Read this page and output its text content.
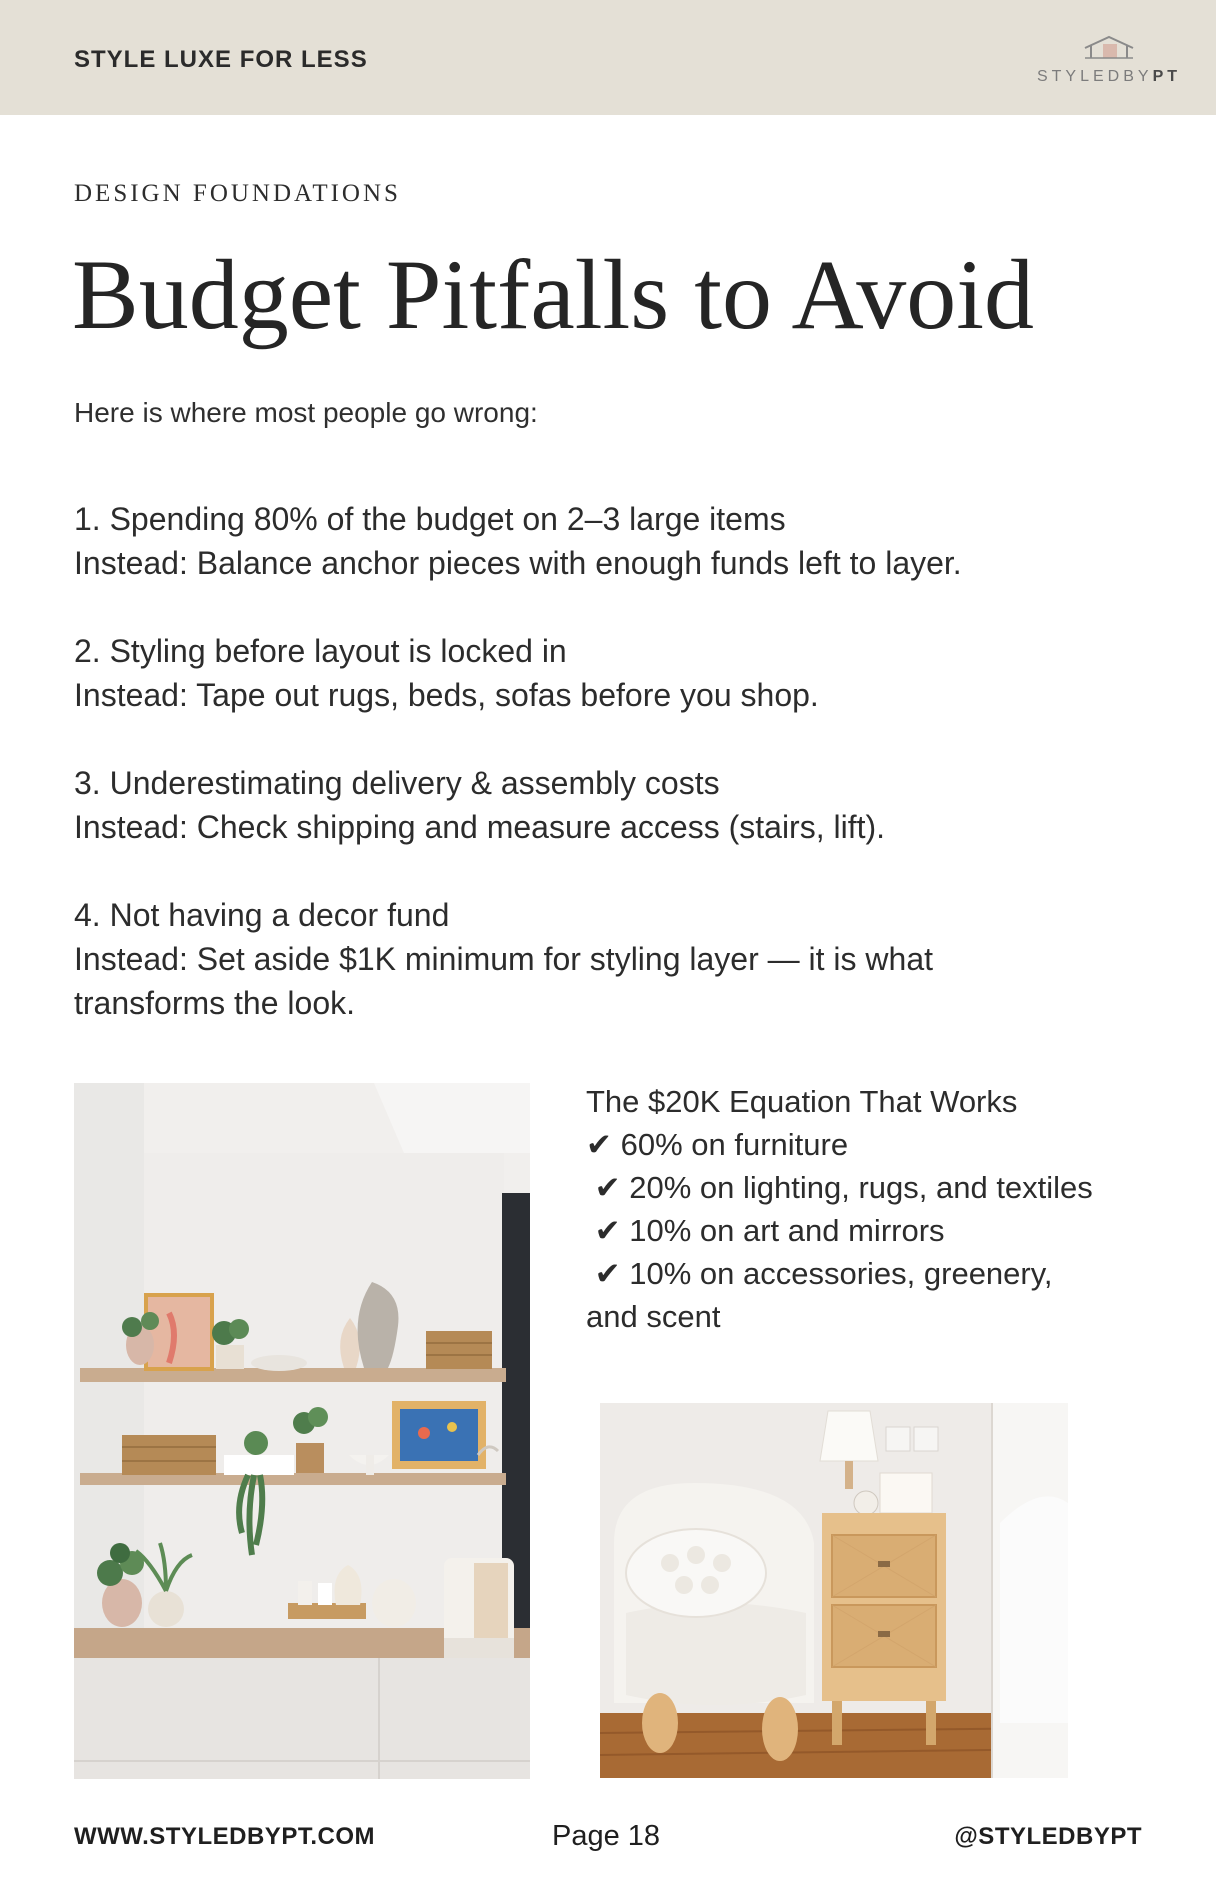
STYLE LUXE FOR LESS
STYLEDBYPT
DESIGN FOUNDATIONS
Budget Pitfalls to Avoid
Here is where most people go wrong:

1. Spending 80% of the budget on 2–3 large items

Instead: Balance anchor pieces with enough funds left to layer.

2. Styling before layout is locked in

Instead: Tape out rugs, beds, sofas before you shop.

3. Underestimating delivery & assembly costs

Instead: Check shipping and measure access (stairs, lift).

4. Not having a decor fund

Instead: Set aside $1K minimum for styling layer — it is what transforms the look.

The $20K Equation That Works

✔ 60% on furniture

✔ 20% on lighting, rugs, and textiles

✔ 10% on art and mirrors

✔ 10% on accessories, greenery, and scent

WWW.STYLEDBYPT.COM	Page 18	@STYLEDBYPT
